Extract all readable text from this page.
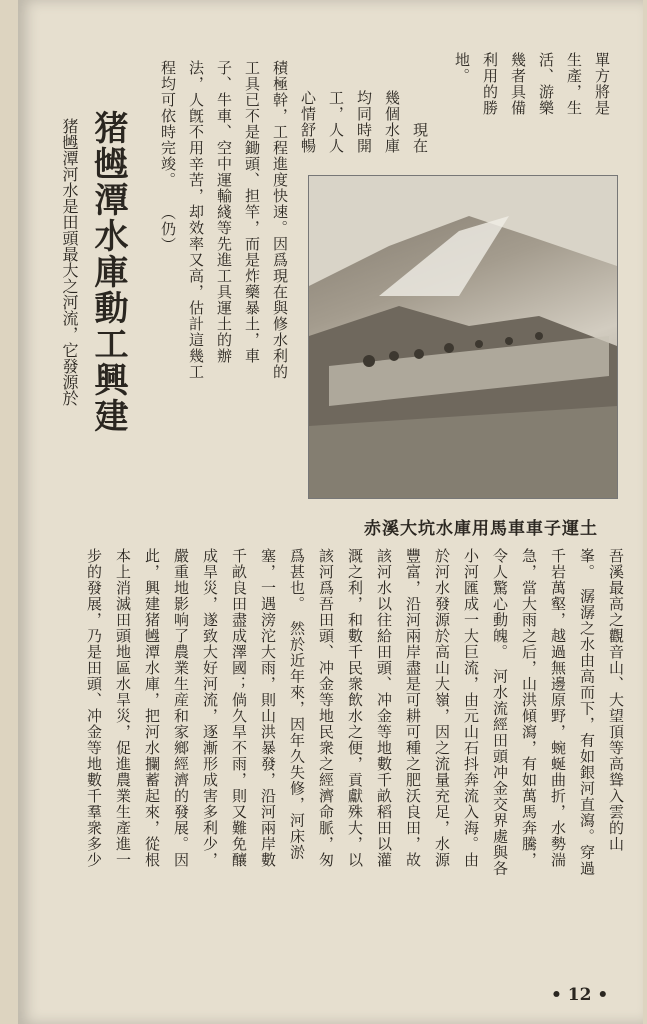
猪乸潭河水是田頭最大之河流，它發源於 猪乸潭水庫動工興建	積極幹，工程進度快速。因爲現在與修水利的
工具已不是鋤頭、担竿，而是炸藥暴土，車
子、牛車、空中運輸綫等先進工具運土的辦
法，人旣不用辛苦，却效率又高，估計這幾工
程均可依時完竣。　　（仍）	　　現在
幾個水庫
均同時開
工，人人
心情舒暢
單方將是
生產，生
活、游樂
幾者具備
利用的勝
地。
赤溪大坑水庫用馬車車子運土
吾溪最高之觀音山、大望頂等高聳入雲的山
峯。　潺潺之水由高而下，有如銀河直瀉。穿過
千岩萬壑，越過無邊原野，蜿蜒曲折，水勢湍
急，當大雨之后，山洪傾瀉，有如萬馬奔騰，
令人驚心動魄。　河水流經田頭冲金交界處與各
小河匯成一大巨流，由元山石抖奔流入海。由
於河水發源於高山大嶺，因之流量充足，水源
豐富，沿河兩岸盡是可耕可種之肥沃良田，故
該河水以往給田頭、冲金等地數千畝稻田以灌
溉之利，和數千民衆飲水之便，貢獻殊大，以
該河爲吾田頭、冲金等地民衆之經濟命脈，匆
爲甚也。　然於近年來，因年久失修，河床淤
塞，一遇滂沱大雨，則山洪暴發，沿河兩岸數
千畝良田盡成澤國；倘久旱不雨，則又難免釀
成旱災，遂致大好河流，逐漸形成害多利少，
嚴重地影响了農業生産和家鄉經濟的發展。因
此，興建猪乸潭水庫，把河水攔蓄起來，從根
本上消滅田頭地區水旱災，促進農業生產進一
步的發展，乃是田頭、冲金等地數千羣衆多少
• 12 •
